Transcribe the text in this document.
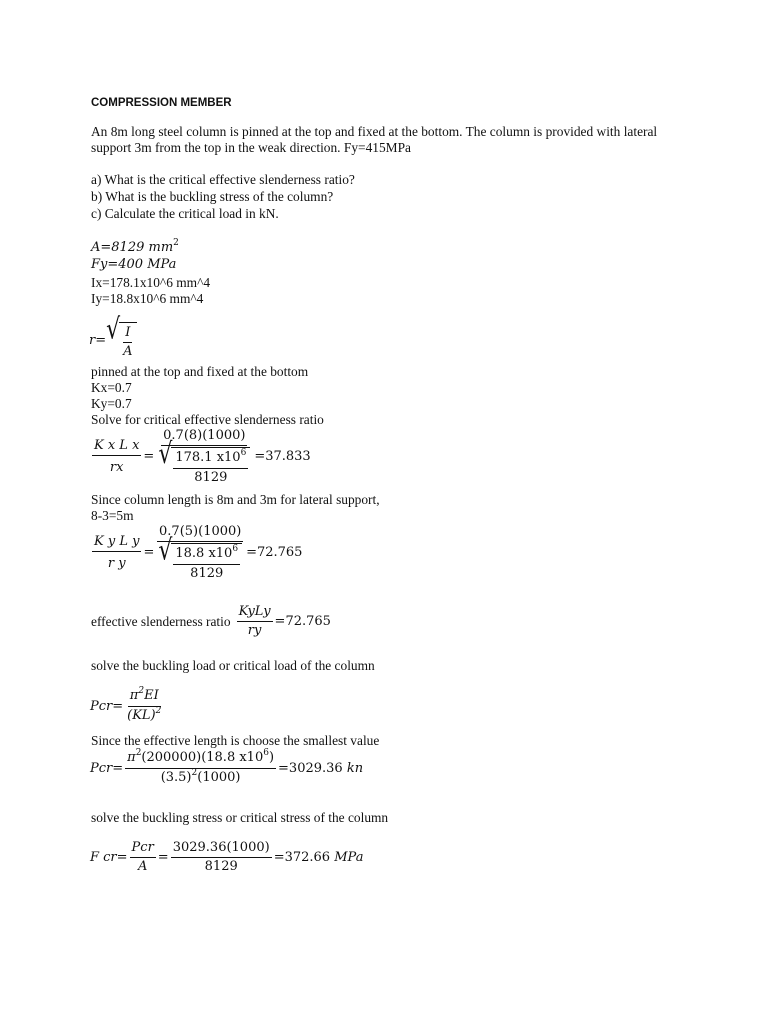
COMPRESSION MEMBER
An 8m long steel column is pinned at the top and fixed at the bottom. The column is provided with lateral
support 3m from the top in the weak direction. Fy=415MPa
a) What is the critical effective slenderness ratio?
b) What is the buckling stress of the column?
c) Calculate the critical load in kN.
A=8129 $mm^2$
Fy=400 MPa
Ix=178.1x10^6 mm^4
Iy=18.8x10^6 mm^4
r= √ $\frac{I}{A}$
pinned at the top and fixed at the bottom
Kx=0.7
Ky=0.7
Solve for critical effective slenderness ratio
$\frac{\text{K x L x}}{rx}$ =
0.7(8)(1000)
√ $\frac{178.1 x10^6}{8129} =37.833$
Since column length is 8m and 3m for lateral support,
8-3=5m
$\frac{\text{K y L y}}{\text{r y}}$ =
0.7(5)(1000)
√ $\frac{18.8 x10^6}{8129} =72.765$
effective slenderness ratio $\frac{\text{KyLy}}{ry} =72.765$
solve the buckling load or critical load of the column
$Pcr= \frac{\pi^2EI}{(KL)^2}$
Since the effective length is choose the smallest value
$Pcr= \frac{\pi^2(200000)(18.8 x10^6)}{(3.5)^2(1000)} =3029.36$
kn
solve the buckling stress or critical stress of the column
F $cr= \frac{\text{Pcr}}{A} = \frac{3029.36(1000)}{8129} =372.66$
MPa
